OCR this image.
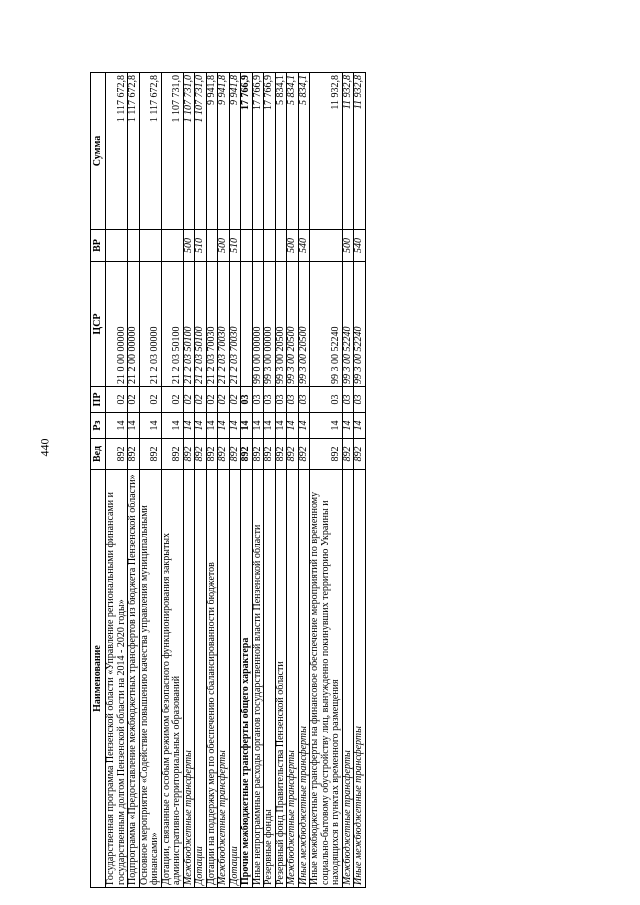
440
Наименование	Вед	Рз	ПР	ЦСР	ВР	Сумма
Государственная программа Пензенской области «Управление региональными финансами и государственным долгом Пензенской области на 2014 - 2020 годы»	892	14	02	21 0 00 00000		1 117 672,8
Подпрограмма «Предоставление межбюджетных трансфертов из бюджета Пензенской области»	892	14	02	21 2 00 00000		1 117 672,8
Основное мероприятие «Содействие повышению качества управления муниципальными финансами»	892	14	02	21 2 03 00000		1 117 672,8
Дотации, связанные с особым режимом безопасного функционирования закрытых административно-территориальных образований	892	14	02	21 2 03 50100		1 107 731,0
Межбюджетные трансферты	892	14	02	21 2 03 50100	500	1 107 731,0
Дотации	892	14	02	21 2 03 50100	510	1 107 731,0
Дотации на поддержку мер по обеспечению сбалансированности бюджетов	892	14	02	21 2 03 70030		9 941,8
Межбюджетные трансферты	892	14	02	21 2 03 70030	500	9 941,8
Дотации	892	14	02	21 2 03 70030	510	9 941,8
Прочие межбюджетные трансферты общего характера	892	14	03			17 766,9
Иные непрограммные расходы органов государственной власти Пензенской области	892	14	03	99 0 00 00000		17 766,9
Резервные фонды	892	14	03	99 3 00 00000		17 766,9
Резервный фонд Правительства Пензенской области	892	14	03	99 3 00 20500		5 834,1
Межбюджетные трансферты	892	14	03	99 3 00 20500	500	5 834,1
Иные межбюджетные трансферты	892	14	03	99 3 00 20500	540	5 834,1
Иные межбюджетные трансферты на финансовое обеспечение мероприятий по временному социально-бытовому обустройству лиц, вынужденно покинувших территорию Украины и находящихся в пунктах временного размещения	892	14	03	99 3 00 52240		11 932,8
Межбюджетные трансферты	892	14	03	99 3 00 52240	500	11 932,8
Иные межбюджетные трансферты	892	14	03	99 3 00 52240	540	11 932,8
